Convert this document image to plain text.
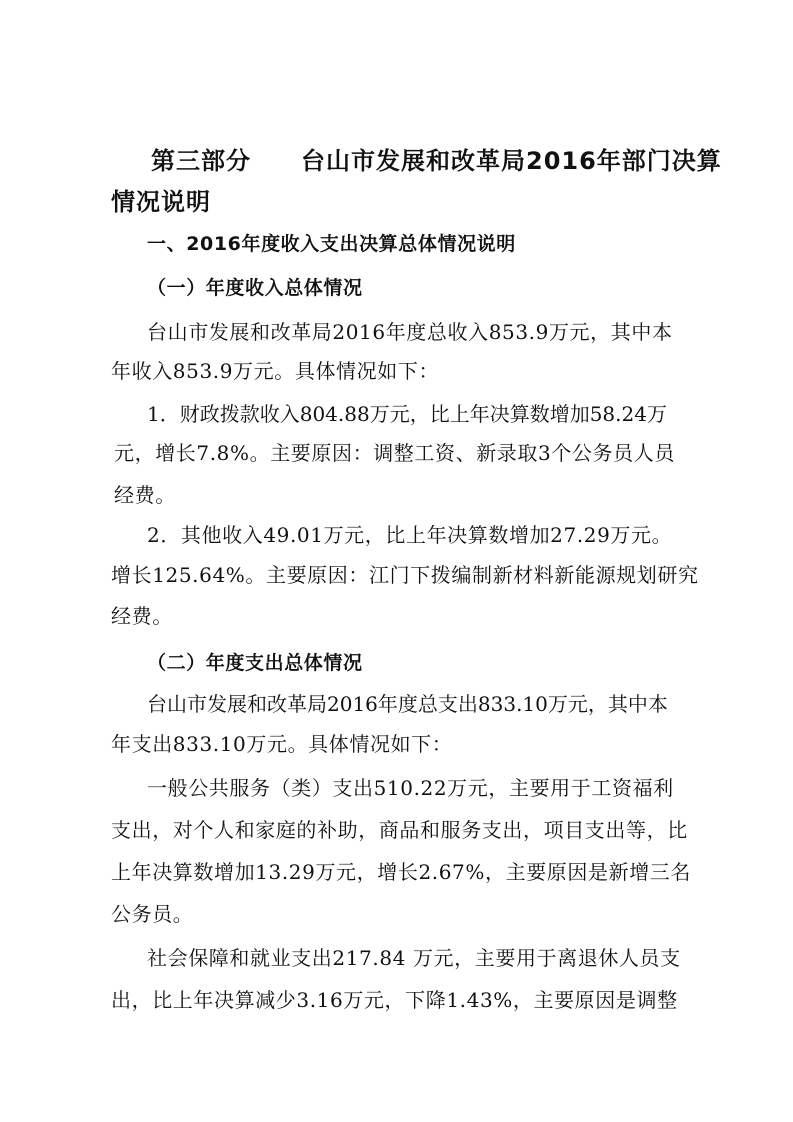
第三部分　　台山市发展和改革局2016年部门决算
情况说明
一、2016年度收入支出决算总体情况说明
（一）年度收入总体情况
台山市发展和改革局2016年度总收入853.9万元，其中本
年收入853.9万元。具体情况如下：
1．财政拨款收入804.88万元，比上年决算数增加58.24万
元，增长7.8%。主要原因：调整工资、新录取3个公务员人员
经费。
2．其他收入49.01万元，比上年决算数增加27.29万元。
增长125.64%。主要原因：江门下拨编制新材料新能源规划研究
经费。
（二）年度支出总体情况
台山市发展和改革局2016年度总支出833.10万元，其中本
年支出833.10万元。具体情况如下：
一般公共服务（类）支出510.22万元，主要用于工资福利
支出，对个人和家庭的补助，商品和服务支出，项目支出等，比
上年决算数增加13.29万元，增长2.67%，主要原因是新增三名
公务员。
社会保障和就业支出217.84 万元，主要用于离退休人员支
出，比上年决算减少3.16万元，下降1.43%，主要原因是调整
